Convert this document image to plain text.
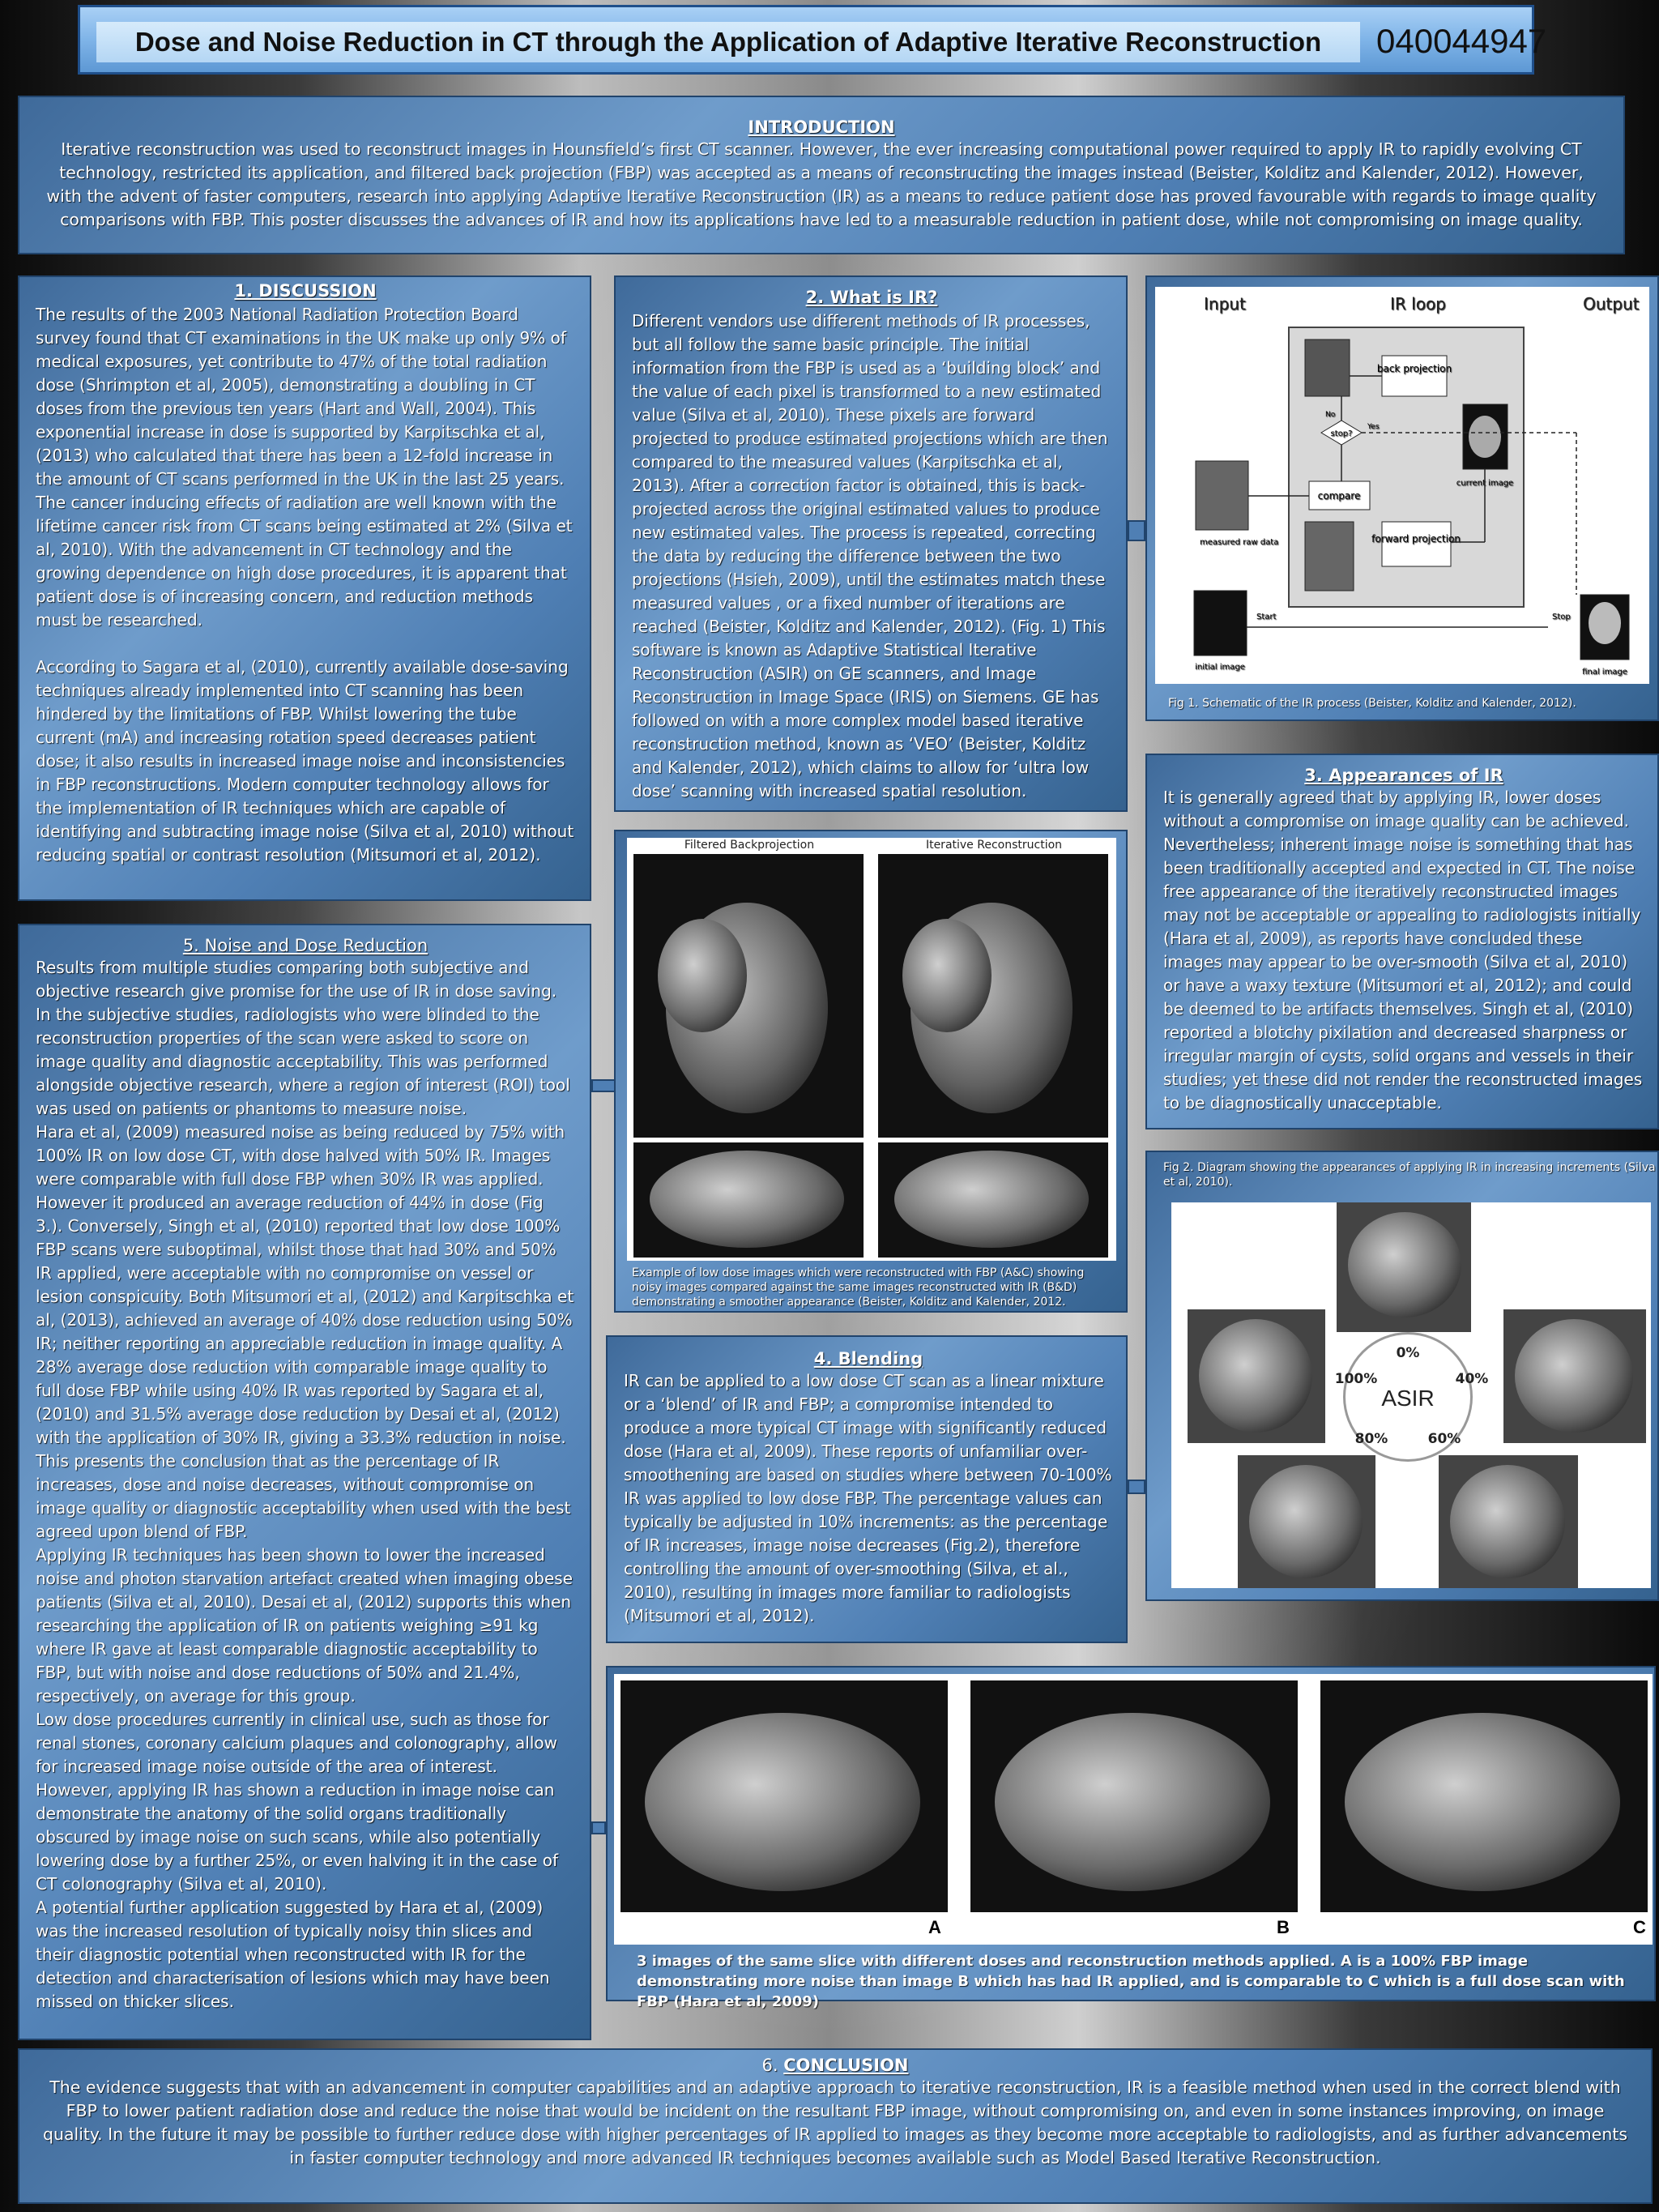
Dose and Noise Reduction in CT through the Application of Adaptive Iterative Reconstruction	040044947
INTRODUCTION
Iterative reconstruction was used to reconstruct images in Hounsfield’s first CT scanner. However, the ever increasing computational power required to apply IR to rapidly evolving CT technology, restricted its application, and filtered back projection (FBP) was accepted as a means of reconstructing the images instead (Beister, Kolditz and Kalender, 2012). However, with the advent of faster computers, research into applying Adaptive Iterative Reconstruction (IR) as a means to reduce patient dose has proved favourable with regards to image quality comparisons with FBP. This poster discusses the advances of IR and how its applications have led to a measurable reduction in patient dose, while not compromising on image quality.
1. DISCUSSION

The results of the 2003 National Radiation Protection Board survey found that CT examinations in the UK make up only 9% of medical exposures, yet contribute to 47% of the total radiation dose (Shrimpton et al, 2005), demonstrating a doubling in CT doses from the previous ten years (Hart and Wall, 2004). This exponential increase in dose is supported by Karpitschka et al, (2013) who calculated that there has been a 12-fold increase in the amount of CT scans performed in the UK in the last 25 years. The cancer inducing effects of radiation are well known with the lifetime cancer risk from CT scans being estimated at 2% (Silva et al, 2010). With the advancement in CT technology and the growing dependence on high dose procedures, it is apparent that patient dose is of increasing concern, and reduction methods must be researched.

According to Sagara et al, (2010), currently available dose-saving techniques already implemented into CT scanning has been hindered by the limitations of FBP. Whilst lowering the tube current (mA) and increasing rotation speed decreases patient dose; it also results in increased image noise and inconsistencies in FBP reconstructions. Modern computer technology allows for the implementation of IR techniques which are capable of identifying and subtracting image noise (Silva et al, 2010) without reducing spatial or contrast resolution (Mitsumori et al, 2012).

2. What is IR?
Different vendors use different methods of IR processes, but all follow the same basic principle. The initial information from the FBP is used as a ‘building block’ and the value of each pixel is transformed to a new estimated value (Silva et al, 2010). These pixels are forward projected to produce estimated projections which are then compared to the measured values (Karpitschka et al, 2013). After a correction factor is obtained, this is back-projected across the original estimated values to produce new estimated vales. The process is repeated, correcting the data by reducing the difference between the two projections (Hsieh, 2009), until the estimates match these measured values , or a fixed number of iterations are reached (Beister, Kolditz and Kalender, 2012). (Fig. 1) This software is known as Adaptive Statistical Iterative Reconstruction (ASIR) on GE scanners, and Image Reconstruction in Image Space (IRIS) on Siemens. GE has followed on with a more complex model based iterative reconstruction method, known as ‘VEO’ (Beister, Kolditz and Kalender, 2012), which claims to allow for ‘ultra low dose’ scanning with increased spatial resolution.
Input	IR loop	Output
back projection
stop?
No
Yes
current image
compare
forward projection
measured raw data
Start
initial image
Stop
final image
Fig 1. Schematic of the IR process (Beister, Kolditz and Kalender, 2012).
Filtered Backprojection	Iterative Reconstruction
Example of low dose images which were reconstructed with FBP (A&C) showing noisy images compared against the same images reconstructed with IR (B&D) demonstrating a smoother appearance (Beister, Kolditz and Kalender, 2012.
3. Appearances of IR
It is generally agreed that by applying IR, lower doses without a compromise on image quality can be achieved. Nevertheless; inherent image noise is something that has been traditionally accepted and expected in CT. The noise free appearance of the iteratively reconstructed images may not be acceptable or appealing to radiologists initially (Hara et al, 2009), as reports have concluded these images may appear to be over-smooth (Silva et al, 2010) or have a waxy texture (Mitsumori et al, 2012); and could be deemed to be artifacts themselves. Singh et al, (2010) reported a blotchy pixilation and decreased sharpness or irregular margin of cysts, solid organs and vessels in their studies; yet these did not render the reconstructed images to be diagnostically unacceptable.
Fig 2. Diagram showing the appearances of applying IR in increasing increments (Silva et al, 2010).
ASIR
0%
100%	40%
80%	60%
4. Blending
IR can be applied to a low dose CT scan as a linear mixture or a ‘blend’ of IR and FBP; a compromise intended to produce a more typical CT image with significantly reduced dose (Hara et al, 2009). These reports of unfamiliar over-smoothening are based on studies where between 70-100% IR was applied to low dose FBP. The percentage values can typically be adjusted in 10% increments: as the percentage of IR increases, image noise decreases (Fig.2), therefore controlling the amount of over-smoothing (Silva, et al., 2010), resulting in images more familiar to radiologists (Mitsumori et al, 2012).
5. Noise and Dose Reduction

Results from multiple studies comparing both subjective and objective research give promise for the use of IR in dose saving. In the subjective studies, radiologists who were blinded to the reconstruction properties of the scan were asked to score on image quality and diagnostic acceptability. This was performed alongside objective research, where a region of interest (ROI) tool was used on patients or phantoms to measure noise.

Hara et al, (2009) measured noise as being reduced by 75% with 100% IR on low dose CT, with dose halved with 50% IR. Images were comparable with full dose FBP when 30% IR was applied. However it produced an average reduction of 44% in dose (Fig 3.). Conversely, Singh et al, (2010) reported that low dose 100% FBP scans were suboptimal, whilst those that had 30% and 50% IR applied, were acceptable with no compromise on vessel or lesion conspicuity. Both Mitsumori et al, (2012) and Karpitschka et al, (2013), achieved an average of 40% dose reduction using 50% IR; neither reporting an appreciable reduction in image quality. A 28% average dose reduction with comparable image quality to full dose FBP while using 40% IR was reported by Sagara et al, (2010) and 31.5% average dose reduction by Desai et al, (2012) with the application of 30% IR, giving a 33.3% reduction in noise. This presents the conclusion that as the percentage of IR increases, dose and noise decreases, without compromise on image quality or diagnostic acceptability when used with the best agreed upon blend of FBP.

Applying IR techniques has been shown to lower the increased noise and photon starvation artefact created when imaging obese patients (Silva et al, 2010). Desai et al, (2012) supports this when researching the application of IR on patients weighing ≥91 kg where IR gave at least comparable diagnostic acceptability to FBP, but with noise and dose reductions of 50% and 21.4%, respectively, on average for this group.

Low dose procedures currently in clinical use, such as those for renal stones, coronary calcium plaques and colonography, allow for increased image noise outside of the area of interest. However, applying IR has shown a reduction in image noise can demonstrate the anatomy of the solid organs traditionally obscured by image noise on such scans, while also potentially lowering dose by a further 25%, or even halving it in the case of CT colonography (Silva et al, 2010).

A potential further application suggested by Hara et al, (2009) was the increased resolution of typically noisy thin slices and their diagnostic potential when reconstructed with IR for the detection and characterisation of lesions which may have been missed on thicker slices.

A	B	C
3 images of the same slice with different doses and reconstruction methods applied. A is a 100% FBP image demonstrating more noise than image B which has had IR applied, and is comparable to C which is a full dose scan with FBP (Hara et al, 2009)
6. CONCLUSION
The evidence suggests that with an advancement in computer capabilities and an adaptive approach to iterative reconstruction, IR is a feasible method when used in the correct blend with FBP to lower patient radiation dose and reduce the noise that would be incident on the resultant FBP image, without compromising on, and even in some instances improving, on image quality. In the future it may be possible to further reduce dose with higher percentages of IR applied to images as they become more acceptable to radiologists, and as further advancements in faster computer technology and more advanced IR techniques becomes available such as Model Based Iterative Reconstruction.
